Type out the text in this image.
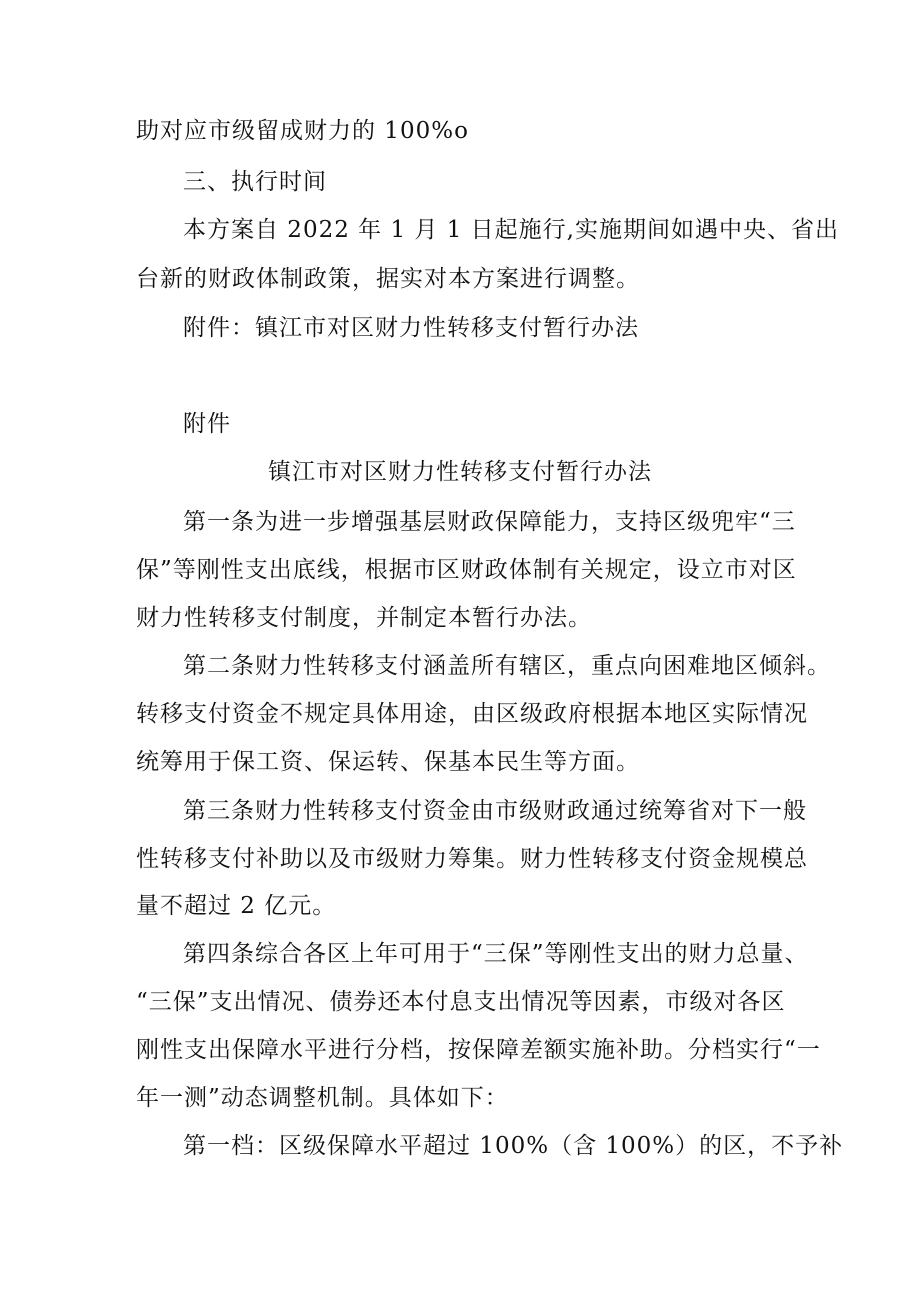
助对应市级留成财力的 100%o
三、执行时间
本方案自 2022 年 1 月 1 日起施行,实施期间如遇中央、省出
台新的财政体制政策，据实对本方案进行调整。
附件：镇江市对区财力性转移支付暂行办法
附件
镇江市对区财力性转移支付暂行办法
第一条为进一步增强基层财政保障能力，支持区级兜牢“三
保”等刚性支出底线，根据市区财政体制有关规定，设立市对区
财力性转移支付制度，并制定本暂行办法。
第二条财力性转移支付涵盖所有辖区，重点向困难地区倾斜。
转移支付资金不规定具体用途，由区级政府根据本地区实际情况
统筹用于保工资、保运转、保基本民生等方面。
第三条财力性转移支付资金由市级财政通过统筹省对下一般
性转移支付补助以及市级财力筹集。财力性转移支付资金规模总
量不超过 2 亿元。
第四条综合各区上年可用于“三保”等刚性支出的财力总量、
“三保”支出情况、债券还本付息支出情况等因素，市级对各区
刚性支出保障水平进行分档，按保障差额实施补助。分档实行“一
年一测”动态调整机制。具体如下：
第一档：区级保障水平超过 100%（含 100%）的区，不予补
